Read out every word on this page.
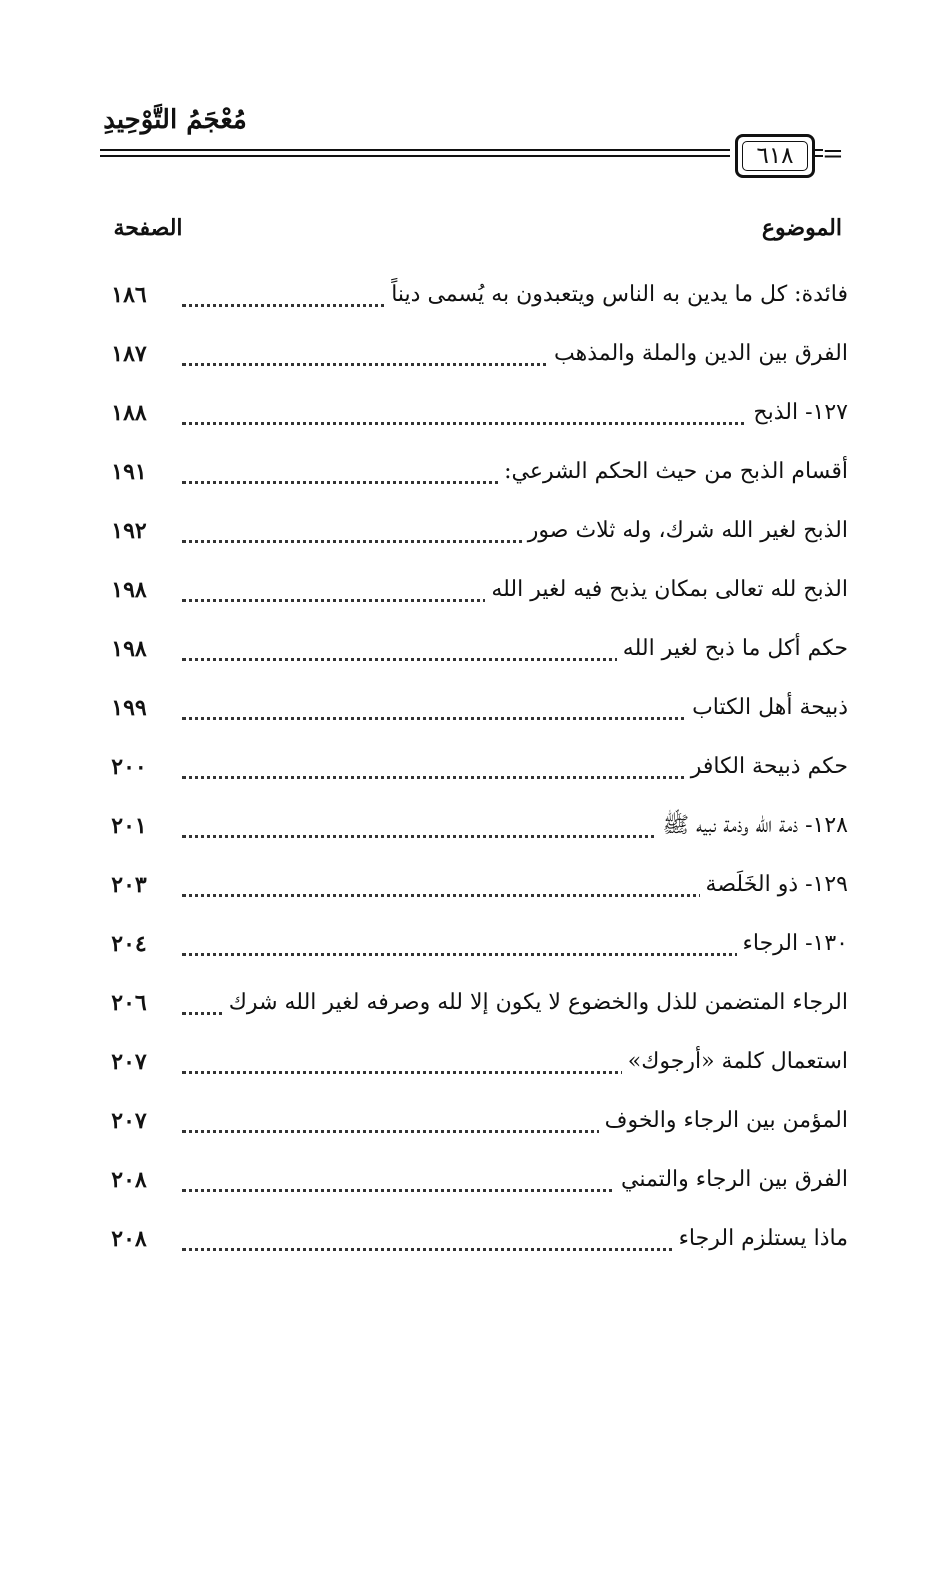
مُعْجَمُ التَّوْحِيدِ
٦١٨	=
الموضوع
الصفحة
فائدة: كل ما يدين به الناس ويتعبدون به يُسمى ديناً
١٨٦
الفرق بين الدين والملة والمذهب
١٨٧
١٢٧- الذبح
١٨٨
أقسام الذبح من حيث الحكم الشرعي:
١٩١
الذبح لغير الله شرك، وله ثلاث صور
١٩٢
الذبح لله تعالى بمكان يذبح فيه لغير الله
١٩٨
حكم أكل ما ذبح لغير الله
١٩٨
ذبيحة أهل الكتاب
١٩٩
حكم ذبيحة الكافر
٢٠٠
١٢٨- ذمة الله وذمة نبيه ﷺ
٢٠١
١٢٩- ذو الخَلَصة
٢٠٣
١٣٠- الرجاء
٢٠٤
الرجاء المتضمن للذل والخضوع لا يكون إلا لله وصرفه لغير الله شرك
٢٠٦
استعمال كلمة «أرجوك»
٢٠٧
المؤمن بين الرجاء والخوف
٢٠٧
الفرق بين الرجاء والتمني
٢٠٨
ماذا يستلزم الرجاء
٢٠٨
